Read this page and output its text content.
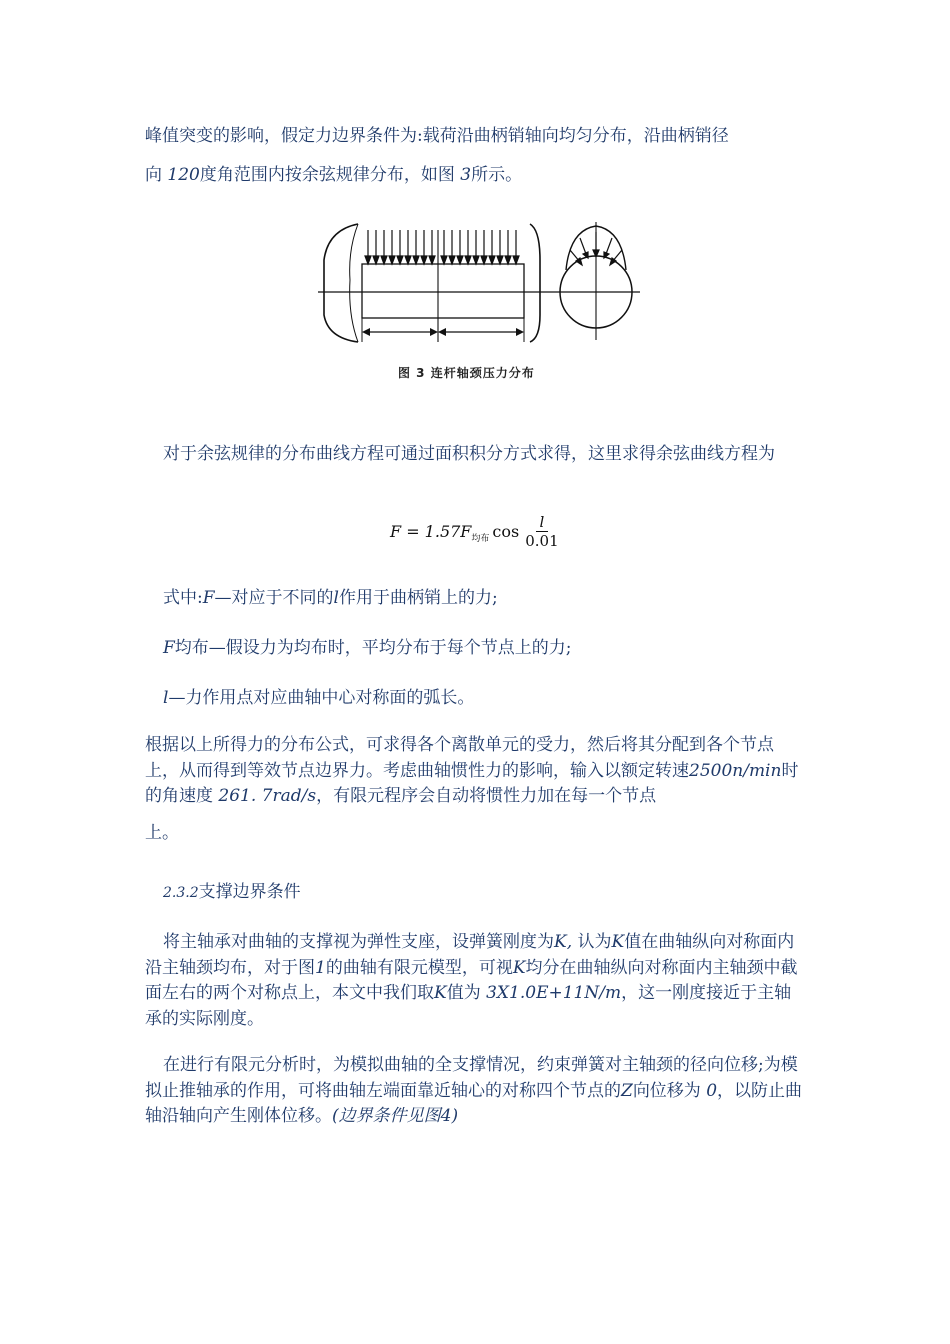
峰值突变的影响，假定力边界条件为:载荷沿曲柄销轴向均匀分布，沿曲柄销径

向 120度角范围内按余弦规律分布，如图 3所示。

图 3 连杆轴颈压力分布

对于余弦规律的分布曲线方程可通过面积积分方式求得，这里求得余弦曲线方程为

F = 1.57F 均布 $\cos \frac{l}{0.01}$

式中:F—对应于不同的l作用于曲柄销上的力;

F均布—假设力为均布时，平均分布于每个节点上的力;

l—力作用点对应曲轴中心对称面的弧长。

根据以上所得力的分布公式，可求得各个离散单元的受力，然后将其分配到各个节点上，从而得到等效节点边界力。考虑曲轴惯性力的影响，输入以额定转速2500n/min时的角速度 261. 7rad/s，有限元程序会自动将惯性力加在每一个节点

上。

2.3.2支撑边界条件

将主轴承对曲轴的支撑视为弹性支座，设弹簧刚度为K, 认为K值在曲轴纵向对称面内沿主轴颈均布，对于图1的曲轴有限元模型，可视K均分在曲轴纵向对称面内主轴颈中截面左右的两个对称点上，本文中我们取K值为 3X1.0E+11N/m，这一刚度接近于主轴承的实际刚度。

在进行有限元分析时，为模拟曲轴的全支撑情况，约束弹簧对主轴颈的径向位移;为模拟止推轴承的作用，可将曲轴左端面靠近轴心的对称四个节点的Z向位移为 0，以防止曲轴沿轴向产生刚体位移。(边界条件见图4)
